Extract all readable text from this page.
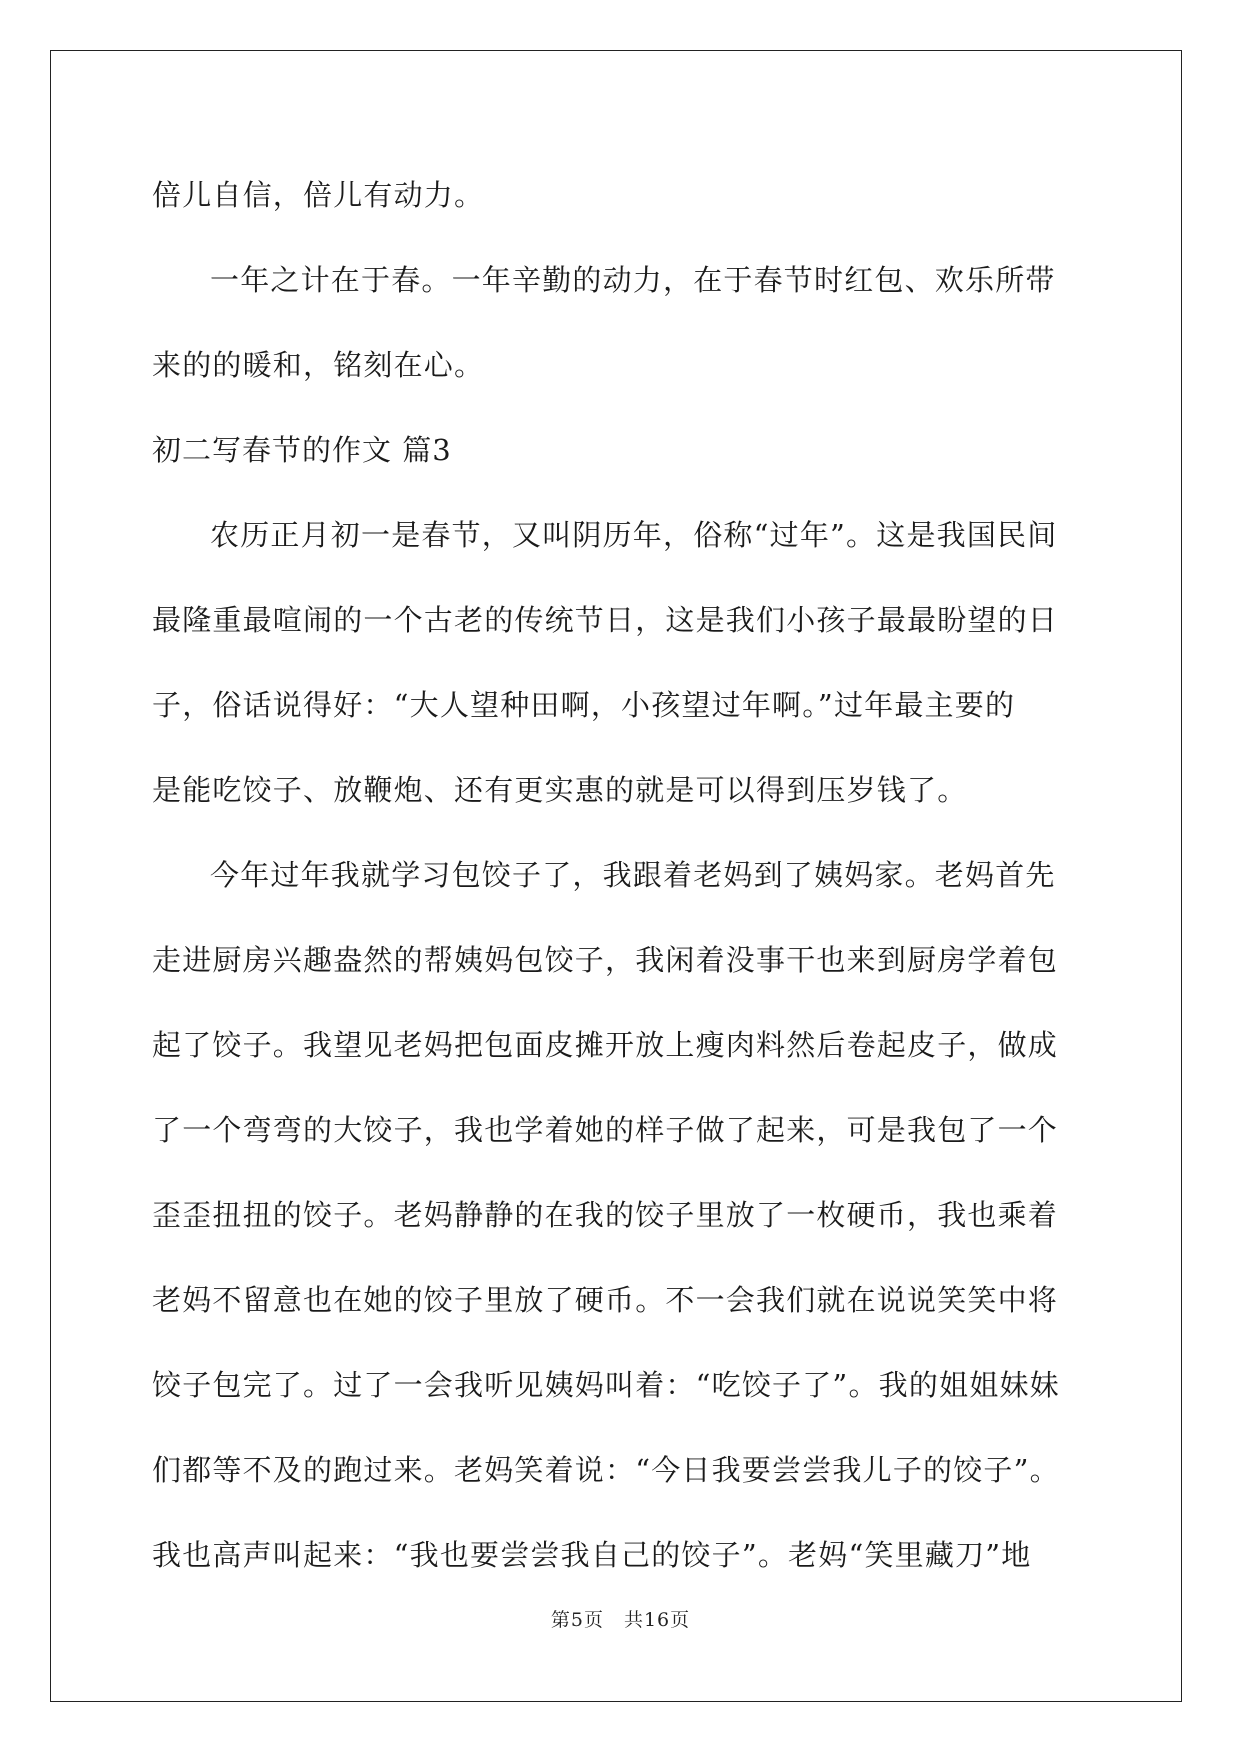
倍儿自信，倍儿有动力。
一年之计在于春。一年辛勤的动力，在于春节时红包、欢乐所带
来的的暖和，铭刻在心。
初二写春节的作文 篇3
农历正月初一是春节，又叫阴历年，俗称“过年”。这是我国民间
最隆重最喧闹的一个古老的传统节日，这是我们小孩子最最盼望的日
子，俗话说得好：“大人望种田啊，小孩望过年啊。”过年最主要的
是能吃饺子、放鞭炮、还有更实惠的就是可以得到压岁钱了。
今年过年我就学习包饺子了，我跟着老妈到了姨妈家。老妈首先
走进厨房兴趣盎然的帮姨妈包饺子，我闲着没事干也来到厨房学着包
起了饺子。我望见老妈把包面皮摊开放上瘦肉料然后卷起皮子，做成
了一个弯弯的大饺子，我也学着她的样子做了起来，可是我包了一个
歪歪扭扭的饺子。老妈静静的在我的饺子里放了一枚硬币，我也乘着
老妈不留意也在她的饺子里放了硬币。不一会我们就在说说笑笑中将
饺子包完了。过了一会我听见姨妈叫着：“吃饺子了”。我的姐姐妹妹
们都等不及的跑过来。老妈笑着说：“今日我要尝尝我儿子的饺子”。
我也高声叫起来：“我也要尝尝我自己的饺子”。老妈“笑里藏刀”地
第5页　共16页
